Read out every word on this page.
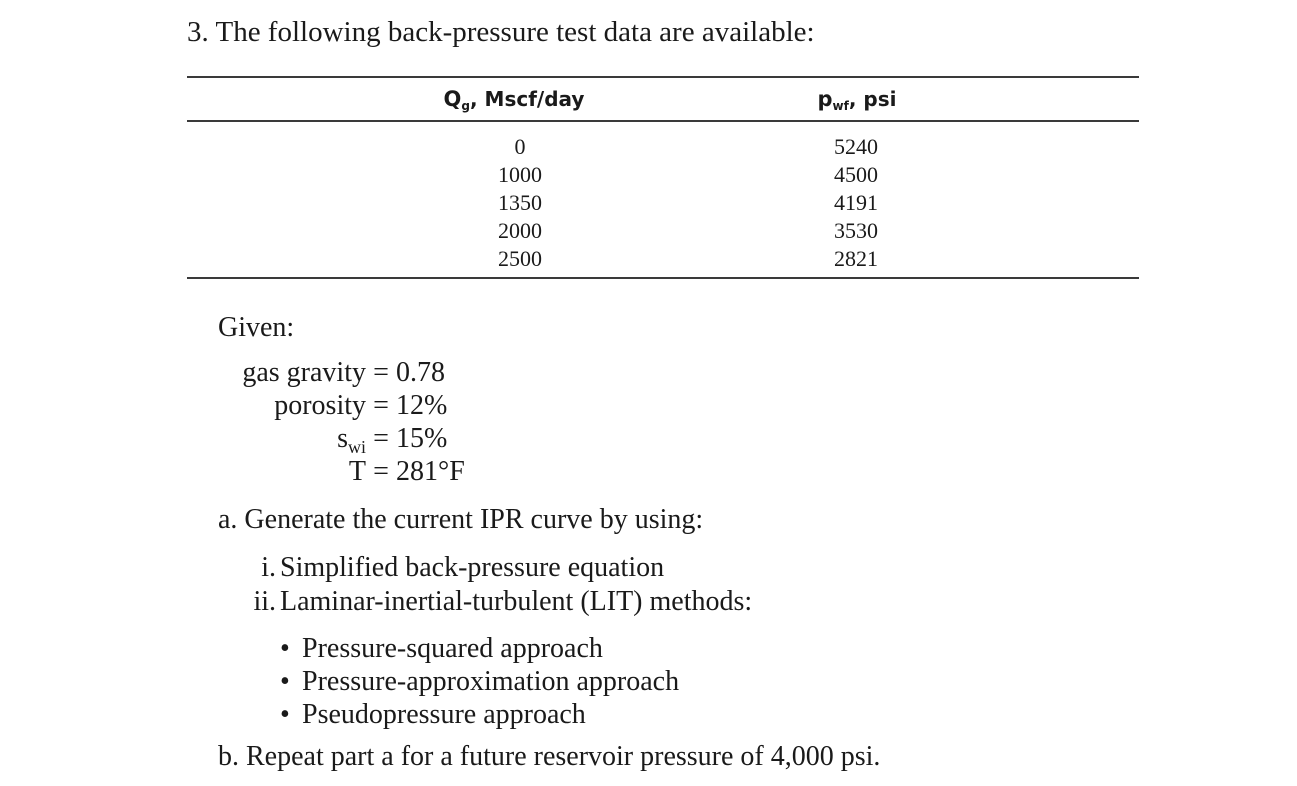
3. The following back-pressure test data are available:
$Q_g$, Mscf/day	$p_{wf}$, psi
0
1000
1350
2000
2500
5240
4500
4191
3530
2821
Given:
gas gravity = 0.78
porosity = 12%
$s_{wi} = 15\%$
T = 281°F
a. Generate the current IPR curve by using:
i. Simplified back-pressure equation
ii. Laminar-inertial-turbulent (LIT) methods:
• Pressure-squared approach
• Pressure-approximation approach
• Pseudopressure approach
b. Repeat part a for a future reservoir pressure of 4,000 psi.
